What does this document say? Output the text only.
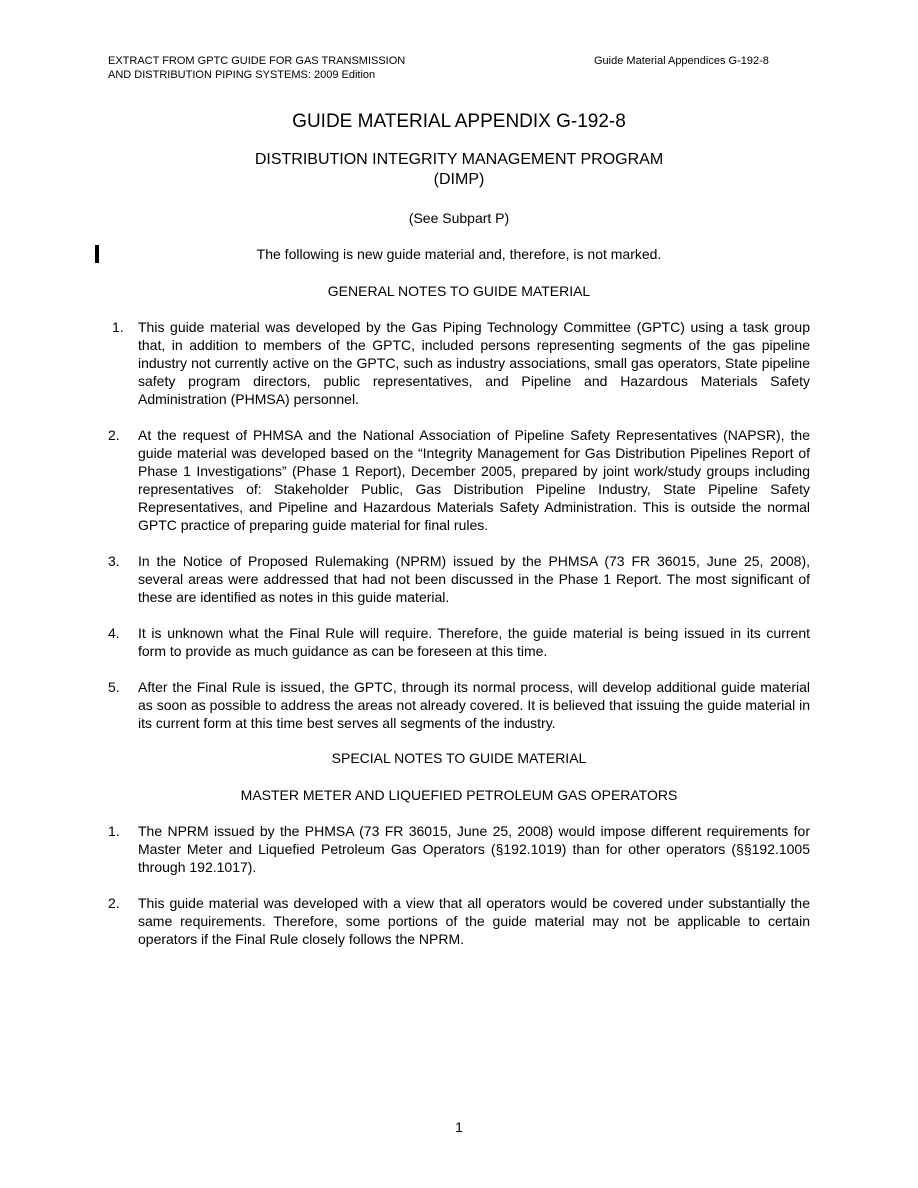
EXTRACT FROM GPTC GUIDE FOR GAS TRANSMISSION
AND DISTRIBUTION PIPING SYSTEMS: 2009 Edition
Guide Material Appendices G-192-8
GUIDE MATERIAL APPENDIX G-192-8
DISTRIBUTION INTEGRITY MANAGEMENT PROGRAM
(DIMP)
(See Subpart P)
The following is new guide material and, therefore, is not marked.
GENERAL NOTES TO GUIDE MATERIAL
1. This guide material was developed by the Gas Piping Technology Committee (GPTC) using a task group that, in addition to members of the GPTC, included persons representing segments of the gas pipeline industry not currently active on the GPTC, such as industry associations, small gas operators, State pipeline safety program directors, public representatives, and Pipeline and Hazardous Materials Safety Administration (PHMSA) personnel.
2. At the request of PHMSA and the National Association of Pipeline Safety Representatives (NAPSR), the guide material was developed based on the “Integrity Management for Gas Distribution Pipelines Report of Phase 1 Investigations” (Phase 1 Report), December 2005, prepared by joint work/study groups including representatives of: Stakeholder Public, Gas Distribution Pipeline Industry, State Pipeline Safety Representatives, and Pipeline and Hazardous Materials Safety Administration. This is outside the normal GPTC practice of preparing guide material for final rules.
3. In the Notice of Proposed Rulemaking (NPRM) issued by the PHMSA (73 FR 36015, June 25, 2008), several areas were addressed that had not been discussed in the Phase 1 Report. The most significant of these are identified as notes in this guide material.
4. It is unknown what the Final Rule will require. Therefore, the guide material is being issued in its current form to provide as much guidance as can be foreseen at this time.
5. After the Final Rule is issued, the GPTC, through its normal process, will develop additional guide material as soon as possible to address the areas not already covered. It is believed that issuing the guide material in its current form at this time best serves all segments of the industry.
SPECIAL NOTES TO GUIDE MATERIAL
MASTER METER AND LIQUEFIED PETROLEUM GAS OPERATORS
1. The NPRM issued by the PHMSA (73 FR 36015, June 25, 2008) would impose different requirements for Master Meter and Liquefied Petroleum Gas Operators (§192.1019) than for other operators (§§192.1005 through 192.1017).
2. This guide material was developed with a view that all operators would be covered under substantially the same requirements. Therefore, some portions of the guide material may not be applicable to certain operators if the Final Rule closely follows the NPRM.
1
